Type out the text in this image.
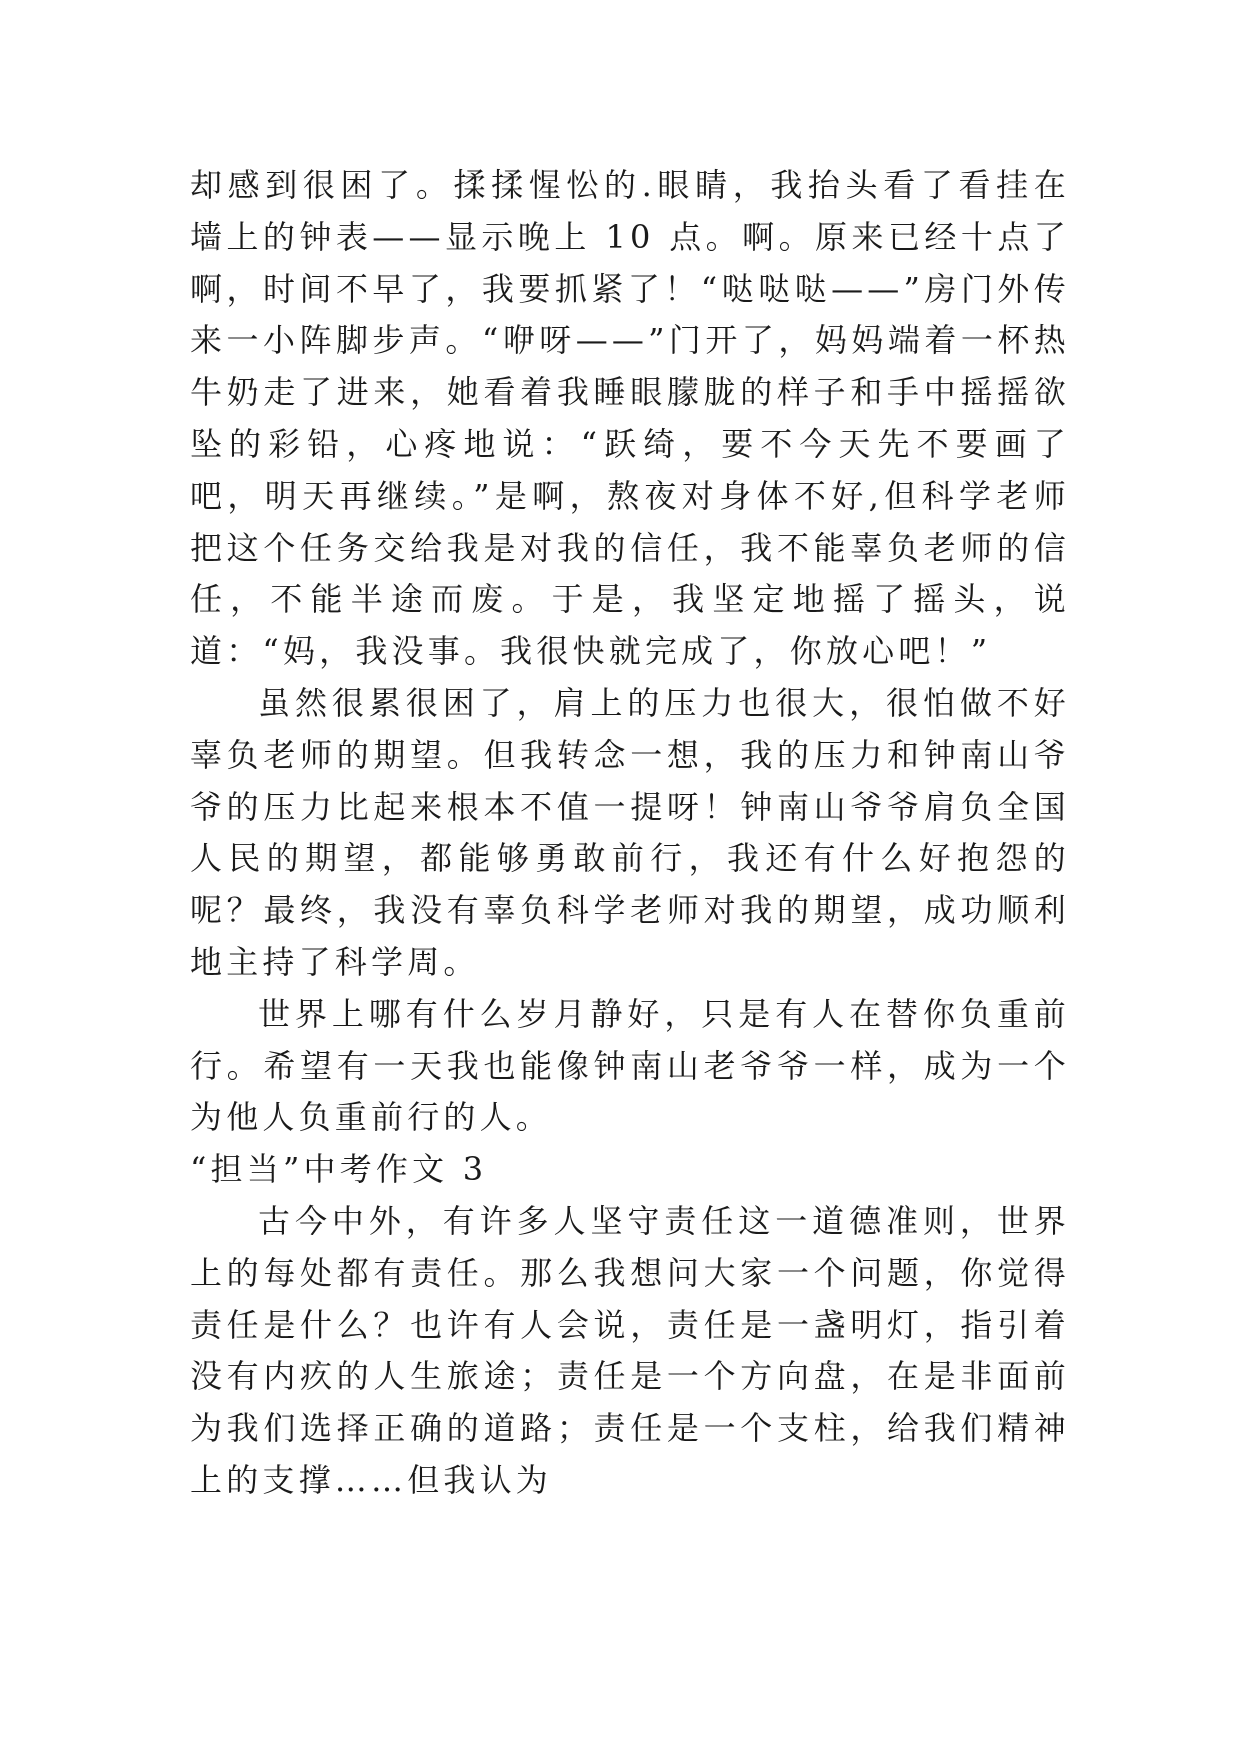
却感到很困了。揉揉惺忪的.眼睛，我抬头看了看挂在墙上的钟表——显示晚上 10 点。啊。原来已经十点了啊，时间不早了，我要抓紧了！“哒哒哒——”房门外传来一小阵脚步声。“咿呀——”门开了，妈妈端着一杯热牛奶走了进来，她看着我睡眼朦胧的样子和手中摇摇欲坠的彩铅，心疼地说：“跃绮，要不今天先不要画了吧，明天再继续。”是啊，熬夜对身体不好,但科学老师把这个任务交给我是对我的信任，我不能辜负老师的信任，不能半途而废。于是，我坚定地摇了摇头，说道：“妈，我没事。我很快就完成了，你放心吧！”

虽然很累很困了，肩上的压力也很大，很怕做不好辜负老师的期望。但我转念一想，我的压力和钟南山爷爷的压力比起来根本不值一提呀！钟南山爷爷肩负全国人民的期望，都能够勇敢前行，我还有什么好抱怨的呢？最终，我没有辜负科学老师对我的期望，成功顺利地主持了科学周。

世界上哪有什么岁月静好，只是有人在替你负重前行。希望有一天我也能像钟南山老爷爷一样，成为一个为他人负重前行的人。

“担当”中考作文 3

古今中外，有许多人坚守责任这一道德准则，世界上的每处都有责任。那么我想问大家一个问题，你觉得责任是什么？也许有人会说，责任是一盏明灯，指引着没有内疚的人生旅途；责任是一个方向盘，在是非面前为我们选择正确的道路；责任是一个支柱，给我们精神上的支撑……但我认为
